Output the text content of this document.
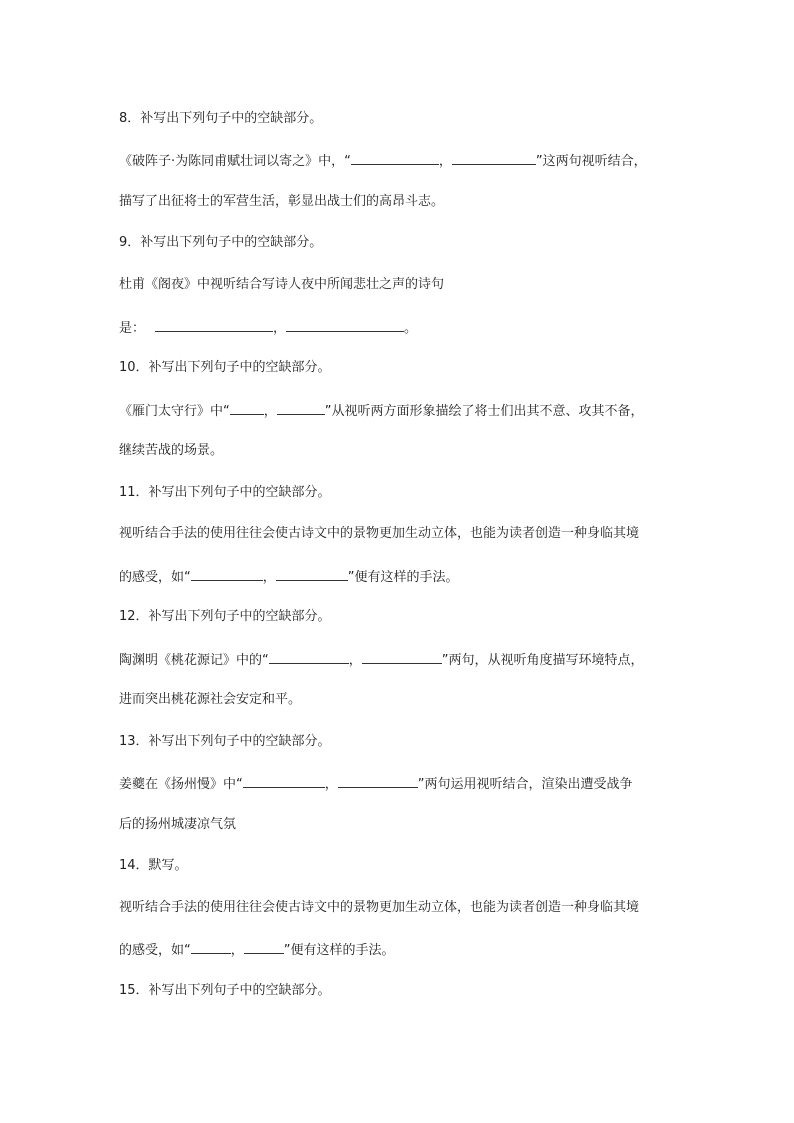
8．补写出下列句子中的空缺部分。
《破阵子·为陈同甫赋壮词以寄之》中，“	，	”这两句视听结合，
描写了出征将士的军营生活，彰显出战士们的高昂斗志。
9．补写出下列句子中的空缺部分。
杜甫《阁夜》中视听结合写诗人夜中所闻悲壮之声的诗句
是：	，	。
10．补写出下列句子中的空缺部分。
《雁门太守行》中“	，	”从视听两方面形象描绘了将士们出其不意、攻其不备，
继续苦战的场景。
11．补写出下列句子中的空缺部分。
视听结合手法的使用往往会使古诗文中的景物更加生动立体，也能为读者创造一种身临其境
的感受，如“	，	”便有这样的手法。
12．补写出下列句子中的空缺部分。
陶渊明《桃花源记》中的“	，	”两句，从视听角度描写环境特点，
进而突出桃花源社会安定和平。
13．补写出下列句子中的空缺部分。
姜夔在《扬州慢》中“	，	”两句运用视听结合，渲染出遭受战争
后的扬州城凄凉气氛
14．默写。
视听结合手法的使用往往会使古诗文中的景物更加生动立体，也能为读者创造一种身临其境
的感受，如“	，	”便有这样的手法。
15．补写出下列句子中的空缺部分。
